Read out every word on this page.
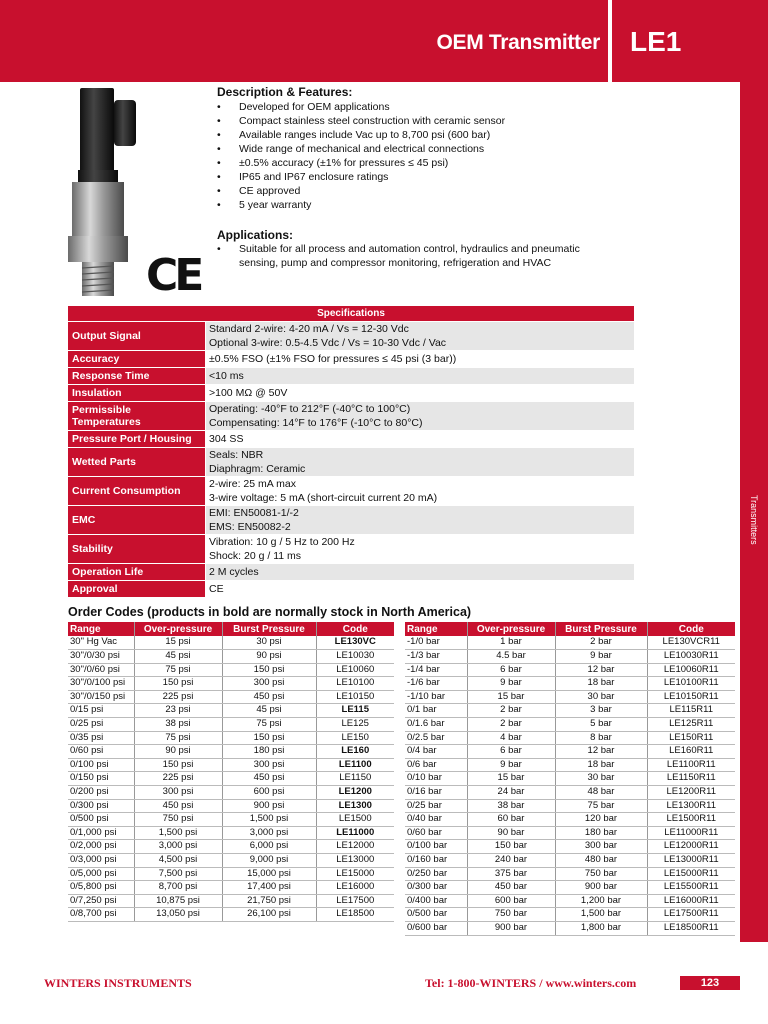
OEM Transmitter LE1
Transmitters
CE
Description & Features:
• Developed for OEM applications
• Compact stainless steel construction with ceramic sensor
• Available ranges include Vac up to 8,700 psi (600 bar)
• Wide range of mechanical and electrical connections
• ±0.5% accuracy (±1% for pressures ≤ 45 psi)
• IP65 and IP67 enclosure ratings
• CE approved
• 5 year warranty
Applications:
• Suitable for all process and automation control, hydraulics and pneumatic sensing, pump and compressor monitoring, refrigeration and HVAC
Specifications	
Output Signal	Standard 2-wire: 4-20 mA / Vs = 12-30 Vdc
Optional 3-wire: 0.5-4.5 Vdc / Vs = 10-30 Vdc / Vac

Accuracy	±0.5% FSO (±1% FSO for pressures ≤ 45 psi (3 bar))

Response Time	<10 ms

Insulation	>100 MΩ @ 50V

Permissible Temperatures	Operating: -40°F to 212°F (-40°C to 100°C)
Compensating: 14°F to 176°F (-10°C to 80°C)

Pressure Port / Housing	304 SS

Wetted Parts	Seals: NBR
Diaphragm: Ceramic

Current Consumption	2-wire: 25 mA max
3-wire voltage: 5 mA (short-circuit current 20 mA)

EMC	EMI: EN50081-1/-2
EMS: EN50082-2

Stability	Vibration: 10 g / 5 Hz to 200 Hz
Shock: 20 g / 11 ms

Operation Life	2 M cycles

Approval	CE
Order Codes (products in bold are normally stock in North America)
Range	Over-pressure	Burst Pressure	Code
30" Hg Vac	15 psi	30 psi	LE130VC
30"/0/30 psi	45 psi	90 psi	LE10030
30"/0/60 psi	75 psi	150 psi	LE10060
30"/0/100 psi	150 psi	300 psi	LE10100
30"/0/150 psi	225 psi	450 psi	LE10150
0/15 psi	23 psi	45 psi	LE115
0/25 psi	38 psi	75 psi	LE125
0/35 psi	75 psi	150 psi	LE150
0/60 psi	90 psi	180 psi	LE160
0/100 psi	150 psi	300 psi	LE1100
0/150 psi	225 psi	450 psi	LE1150
0/200 psi	300 psi	600 psi	LE1200
0/300 psi	450 psi	900 psi	LE1300
0/500 psi	750 psi	1,500 psi	LE1500
0/1,000 psi	1,500 psi	3,000 psi	LE11000
0/2,000 psi	3,000 psi	6,000 psi	LE12000
0/3,000 psi	4,500 psi	9,000 psi	LE13000
0/5,000 psi	7,500 psi	15,000 psi	LE15000
0/5,800 psi	8,700 psi	17,400 psi	LE16000
0/7,250 psi	10,875 psi	21,750 psi	LE17500
0/8,700 psi	13,050 psi	26,100 psi	LE18500
Range	Over-pressure	Burst Pressure	Code
-1/0 bar	1 bar	2 bar	LE130VCR11
-1/3 bar	4.5 bar	9 bar	LE10030R11
-1/4 bar	6 bar	12 bar	LE10060R11
-1/6 bar	9 bar	18 bar	LE10100R11
-1/10 bar	15 bar	30 bar	LE10150R11
0/1 bar	2 bar	3 bar	LE115R11
0/1.6 bar	2 bar	5 bar	LE125R11
0/2.5 bar	4 bar	8 bar	LE150R11
0/4 bar	6 bar	12 bar	LE160R11
0/6 bar	9 bar	18 bar	LE1100R11
0/10 bar	15 bar	30 bar	LE1150R11
0/16 bar	24 bar	48 bar	LE1200R11
0/25 bar	38 bar	75 bar	LE1300R11
0/40 bar	60 bar	120 bar	LE1500R11
0/60 bar	90 bar	180 bar	LE11000R11
0/100 bar	150 bar	300 bar	LE12000R11
0/160 bar	240 bar	480 bar	LE13000R11
0/250 bar	375 bar	750 bar	LE15000R11
0/300 bar	450 bar	900 bar	LE15500R11
0/400 bar	600 bar	1,200 bar	LE16000R11
0/500 bar	750 bar	1,500 bar	LE17500R11
0/600 bar	900 bar	1,800 bar	LE18500R11
WINTERS INSTRUMENTS	Tel: 1-800-WINTERS / www.winters.com	123
